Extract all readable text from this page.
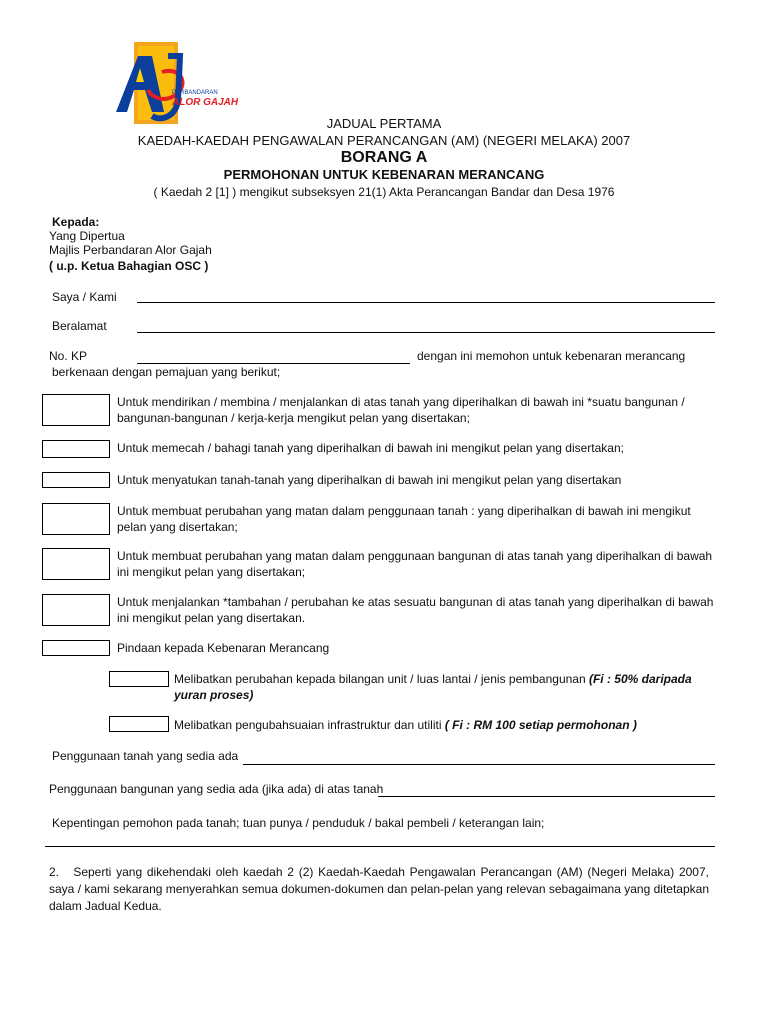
PERBANDARAN
ALOR GAJAH
JADUAL PERTAMA
KAEDAH-KAEDAH PENGAWALAN PERANCANGAN (AM) (NEGERI MELAKA) 2007
BORANG A
PERMOHONAN UNTUK KEBENARAN MERANCANG
( Kaedah 2 [1] ) mengikut subseksyen 21(1) Akta Perancangan Bandar dan Desa 1976
Kepada:
Yang Dipertua
Majlis Perbandaran Alor Gajah
( u.p. Ketua Bahagian OSC )
Saya / Kami
Beralamat
No. KP	dengan ini memohon untuk kebenaran merancang
berkenaan dengan pemajuan yang berikut;
Untuk mendirikan / membina / menjalankan di atas tanah yang diperihalkan di bawah ini *suatu bangunan / bangunan-bangunan / kerja-kerja mengikut pelan yang disertakan;
Untuk memecah / bahagi tanah yang diperihalkan di bawah ini mengikut pelan yang disertakan;
Untuk menyatukan tanah-tanah yang diperihalkan di bawah ini mengikut pelan yang disertakan
Untuk membuat perubahan yang matan dalam penggunaan tanah : yang diperihalkan di bawah ini mengikut pelan yang disertakan;
Untuk membuat perubahan yang matan dalam penggunaan bangunan di atas tanah yang diperihalkan di bawah ini mengikut pelan yang disertakan;
Untuk menjalankan *tambahan / perubahan ke atas sesuatu bangunan di atas tanah yang diperihalkan di bawah ini mengikut pelan yang disertakan.
Pindaan kepada Kebenaran Merancang
Melibatkan perubahan kepada bilangan unit / luas lantai / jenis pembangunan (Fi : 50% daripada yuran proses)
Melibatkan pengubahsuaian infrastruktur dan utiliti ( Fi : RM 100 setiap permohonan )
Penggunaan tanah yang sedia ada
Penggunaan bangunan yang sedia ada (jika ada) di atas tanah
Kepentingan pemohon pada tanah; tuan punya / penduduk / bakal pembeli / keterangan lain;
2. Seperti yang dikehendaki oleh kaedah 2 (2) Kaedah-Kaedah Pengawalan Perancangan (AM) (Negeri Melaka) 2007, saya / kami sekarang menyerahkan semua dokumen-dokumen dan pelan-pelan yang relevan sebagaimana yang ditetapkan dalam Jadual Kedua.
